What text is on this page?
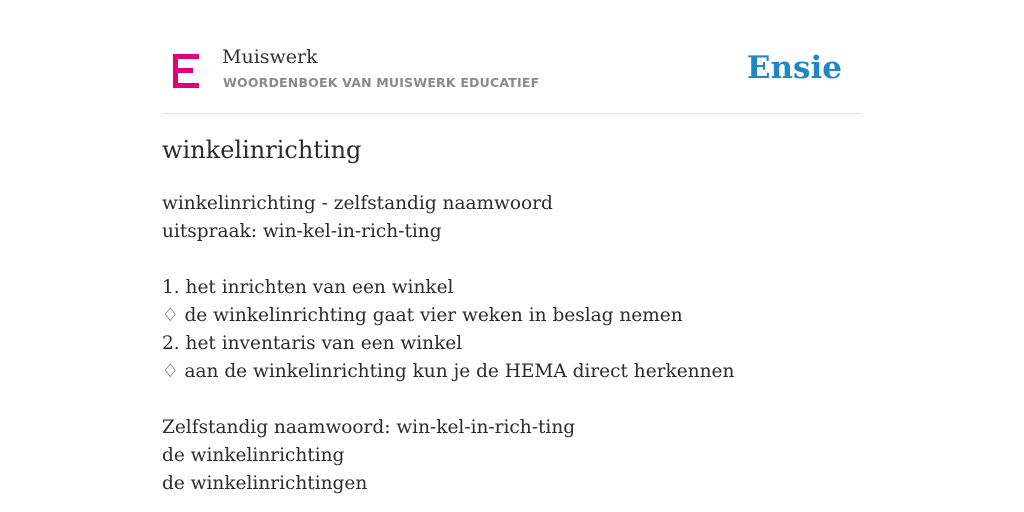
Muiswerk
WOORDENBOEK VAN MUISWERK EDUCATIEF	Ensie
winkelinrichting
winkelinrichting - zelfstandig naamwoord
uitspraak: win-kel-in-rich-ting
1. het inrichten van een winkel
♢ de winkelinrichting gaat vier weken in beslag nemen
2. het inventaris van een winkel
♢ aan de winkelinrichting kun je de HEMA direct herkennen
Zelfstandig naamwoord: win-kel-in-rich-ting
de winkelinrichting
de winkelinrichtingen
